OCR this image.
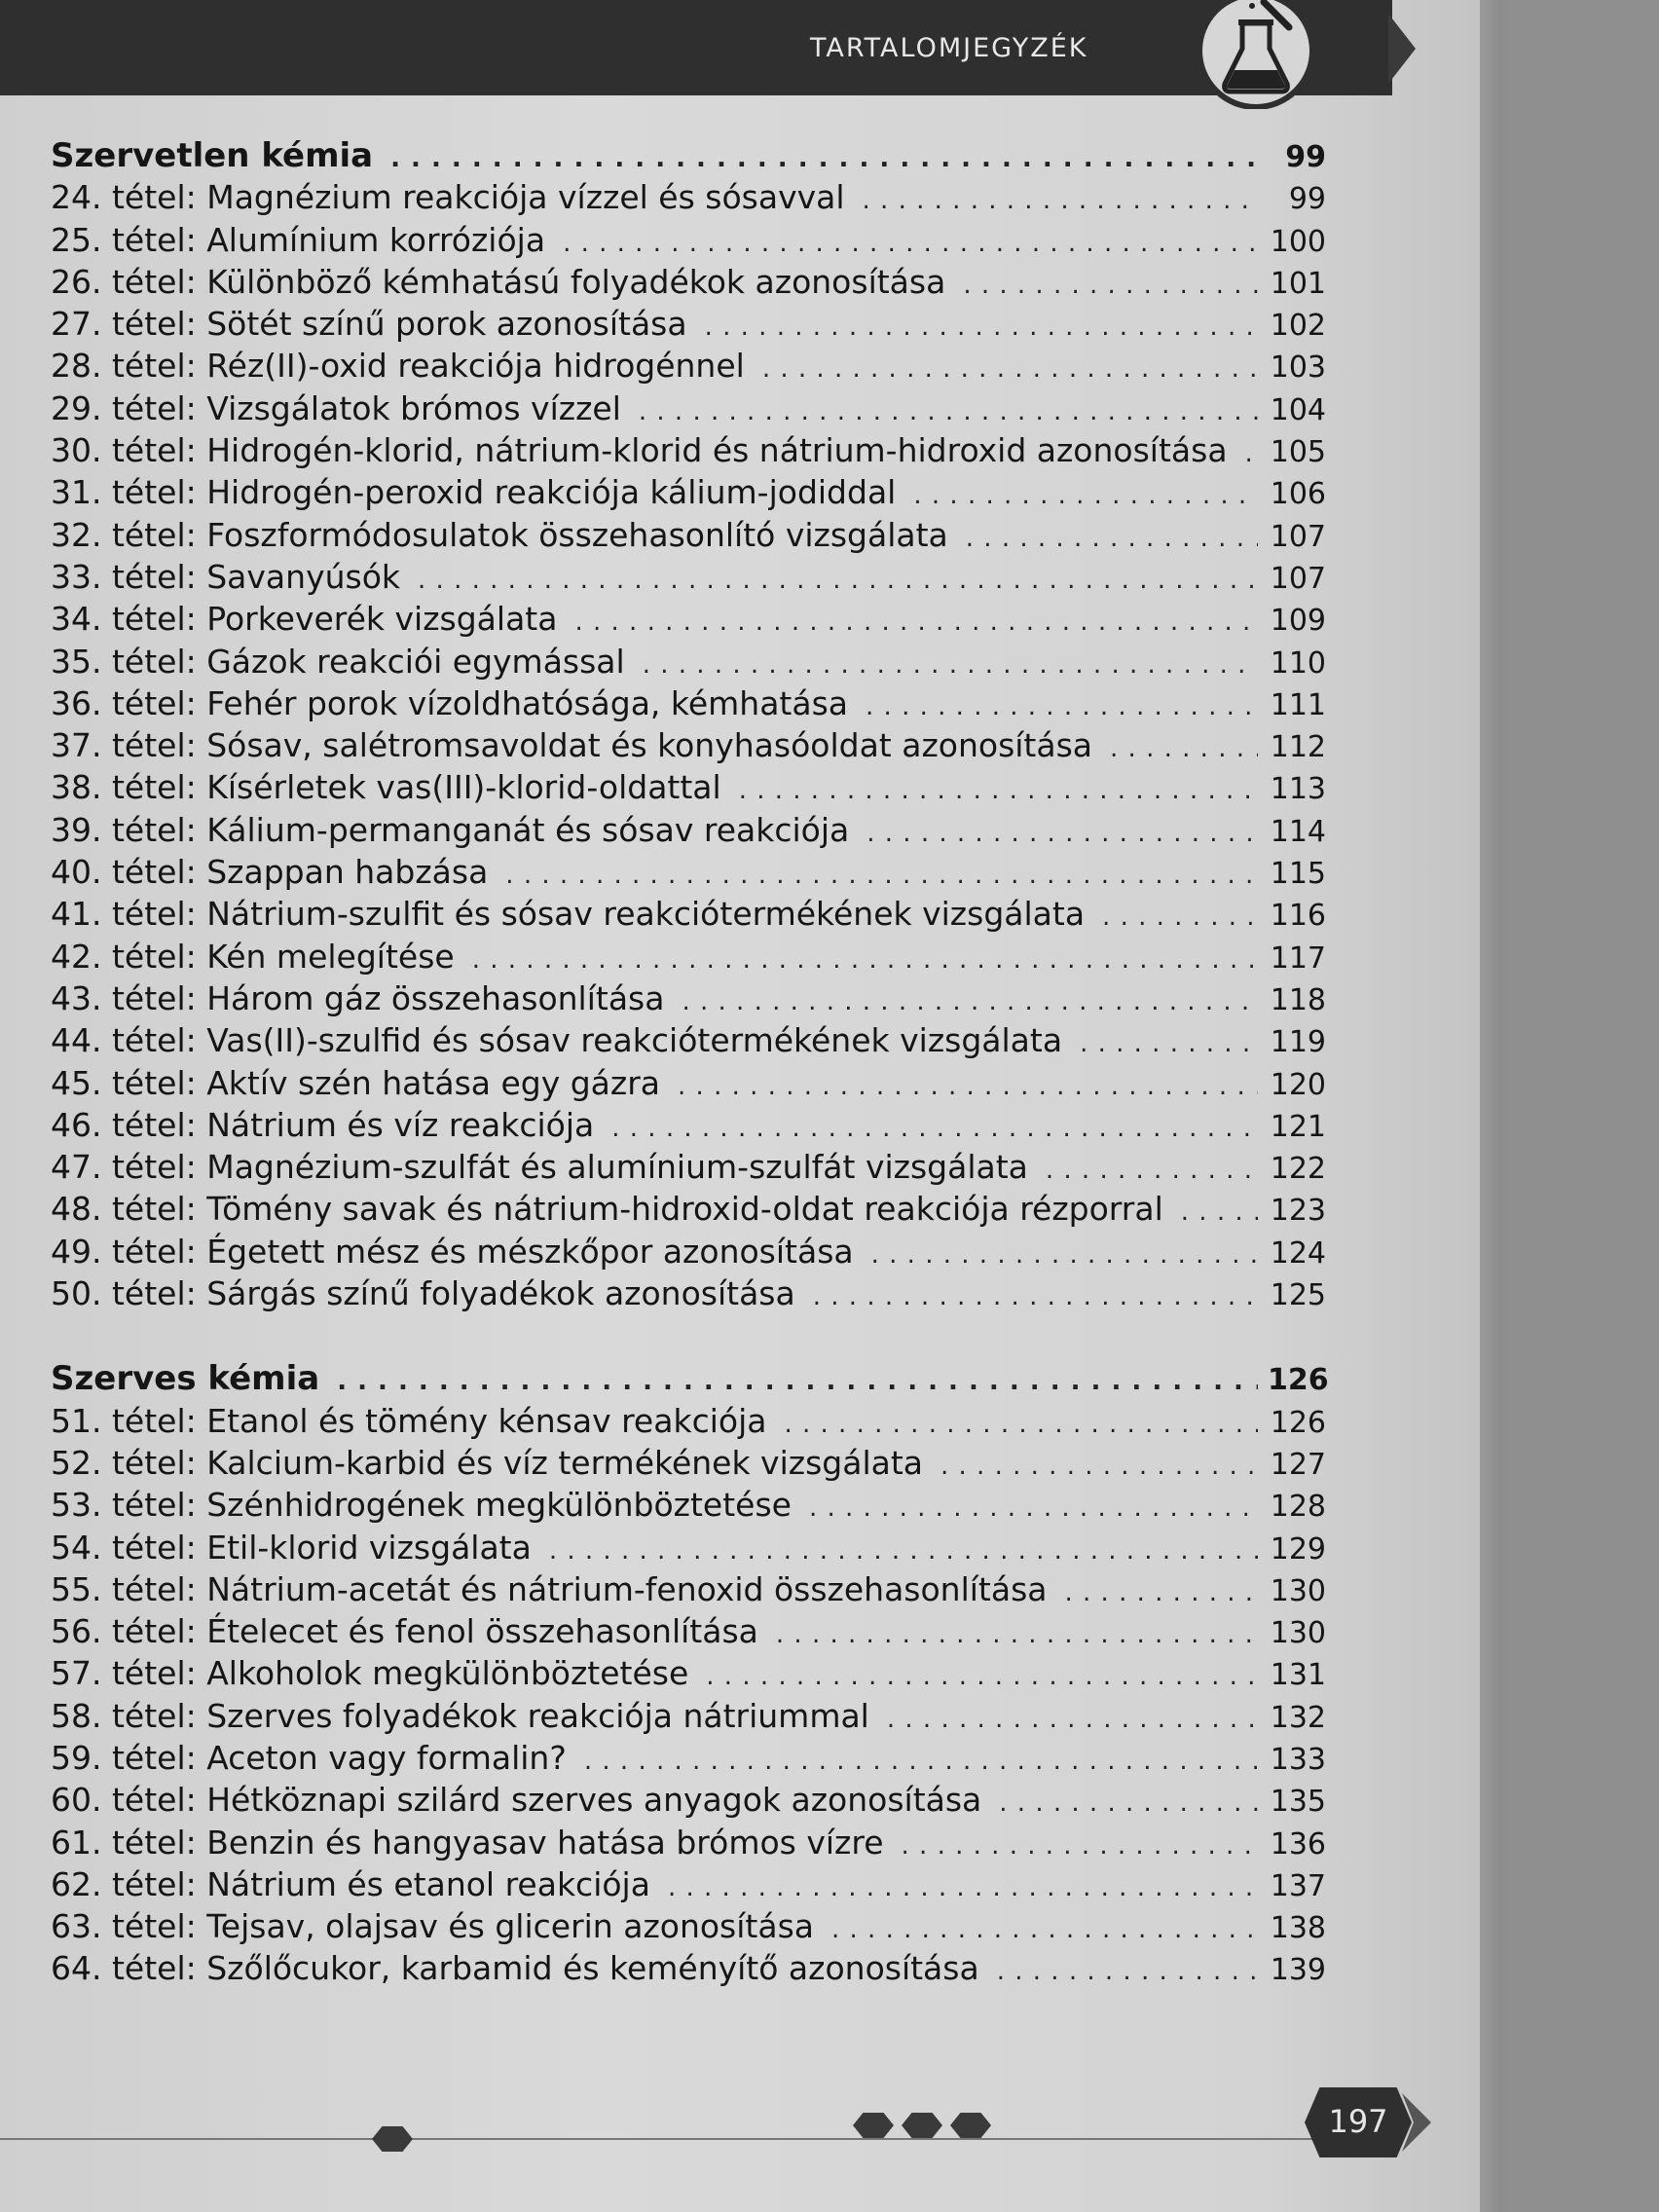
TARTALOMJEGYZÉK
Szervetlen kémia . . .	99
24. tétel: Magnézium reakciója vízzel és sósavval . . .	99
25. tétel: Alumínium korróziója . . .	100
26. tétel: Különböző kémhatású folyadékok azonosítása . . .	101
27. tétel: Sötét színű porok azonosítása . . .	102
28. tétel: Réz(II)-oxid reakciója hidrogénnel . . .	103
29. tétel: Vizsgálatok brómos vízzel . . .	104
30. tétel: Hidrogén-klorid, nátrium-klorid és nátrium-hidroxid azonosítása . . . 105
31. tétel: Hidrogén-peroxid reakciója kálium-jodiddal . . .	106
32. tétel: Foszformódosulatok összehasonlító vizsgálata . . .	107
33. tétel: Savanyúsók . . .	107
34. tétel: Porkeverék vizsgálata . . .	109
35. tétel: Gázok reakciói egymással . . .	110
36. tétel: Fehér porok vízoldhatósága, kémhatása . . .	111
37. tétel: Sósav, salétromsavoldat és konyhasóoldat azonosítása . . .	112
38. tétel: Kísérletek vas(III)-klorid-oldattal . . .	113
39. tétel: Kálium-permanganát és sósav reakciója . . .	114
40. tétel: Szappan habzása . . .	115
41. tétel: Nátrium-szulfit és sósav reakciótermékének vizsgálata . . .	116
42. tétel: Kén melegítése . . .	117
43. tétel: Három gáz összehasonlítása . . .	118
44. tétel: Vas(II)-szulfid és sósav reakciótermékének vizsgálata . . .	119
45. tétel: Aktív szén hatása egy gázra . . .	120
46. tétel: Nátrium és víz reakciója . . .	121
47. tétel: Magnézium-szulfát és alumínium-szulfát vizsgálata . . .	122
48. tétel: Tömény savak és nátrium-hidroxid-oldat reakciója rézporral . . .	123
49. tétel: Égetett mész és mészkőpor azonosítása . . .	124
50. tétel: Sárgás színű folyadékok azonosítása . . .	125
Szerves kémia . . .	126
51. tétel: Etanol és tömény kénsav reakciója . . .	126
52. tétel: Kalcium-karbid és víz termékének vizsgálata . . .	127
53. tétel: Szénhidrogének megkülönböztetése . . .	128
54. tétel: Etil-klorid vizsgálata . . .	129
55. tétel: Nátrium-acetát és nátrium-fenoxid összehasonlítása . . .	130
56. tétel: Ételecet és fenol összehasonlítása . . .	130
57. tétel: Alkoholok megkülönböztetése . . .	131
58. tétel: Szerves folyadékok reakciója nátriummal . . .	132
59. tétel: Aceton vagy formalin? . . .	133
60. tétel: Hétköznapi szilárd szerves anyagok azonosítása . . .	135
61. tétel: Benzin és hangyasav hatása brómos vízre . . .	136
62. tétel: Nátrium és etanol reakciója . . .	137
63. tétel: Tejsav, olajsav és glicerin azonosítása . . .	138
64. tétel: Szőlőcukor, karbamid és keményítő azonosítása . . .	139
197
